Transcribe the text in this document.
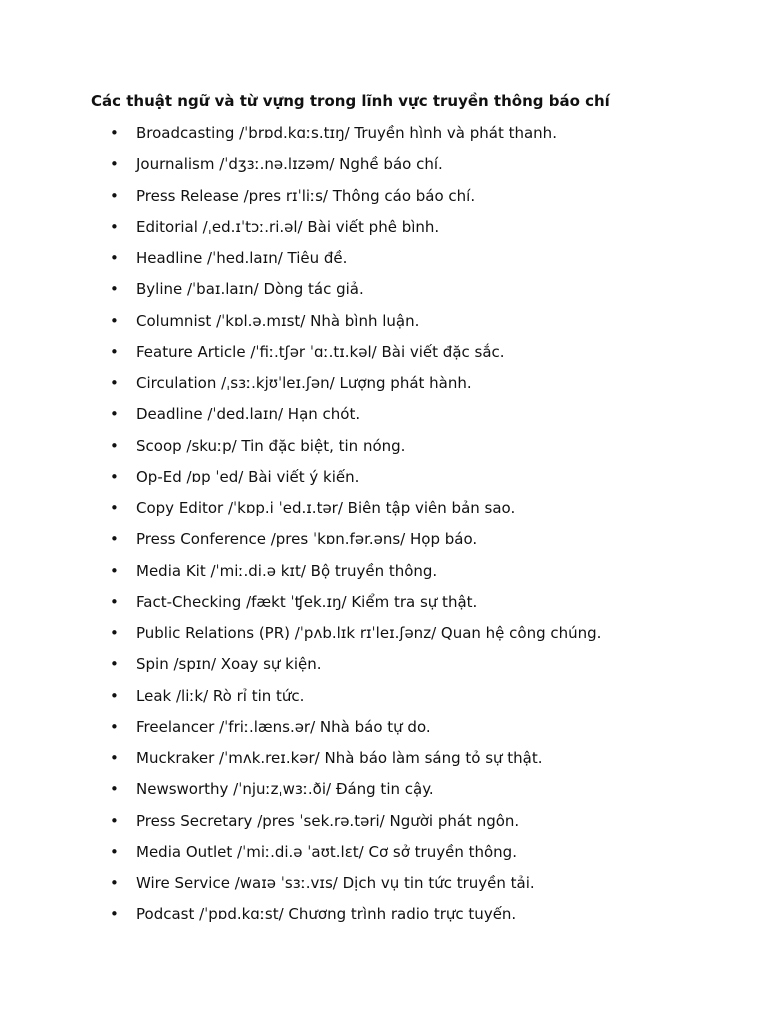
Các thuật ngữ và từ vựng trong lĩnh vực truyền thông báo chí
• Broadcasting /ˈbrɒd.kɑːs.tɪŋ/ Truyền hình và phát thanh.
• Journalism /ˈdʒɜː.nə.lɪzəm/ Nghề báo chí.
• Press Release /pres rɪˈliːs/ Thông cáo báo chí.
• Editorial /ˌed.ɪˈtɔː.ri.əl/ Bài viết phê bình.
• Headline /ˈhed.laɪn/ Tiêu đề.
• Byline /ˈbaɪ.laɪn/ Dòng tác giả.
• Columnist /ˈkɒl.ə.mɪst/ Nhà bình luận.
• Feature Article /ˈfiː.tʃər ˈɑː.tɪ.kəl/ Bài viết đặc sắc.
• Circulation /ˌsɜː.kjʊˈleɪ.ʃən/ Lượng phát hành.
• Deadline /ˈded.laɪn/ Hạn chót.
• Scoop /skuːp/ Tin đặc biệt, tin nóng.
• Op-Ed /ɒp ˈed/ Bài viết ý kiến.
• Copy Editor /ˈkɒp.i ˈed.ɪ.tər/ Biên tập viên bản sao.
• Press Conference /pres ˈkɒn.fər.əns/ Họp báo.
• Media Kit /ˈmiː.di.ə kɪt/ Bộ truyền thông.
• Fact-Checking /fækt ˈʧek.ɪŋ/ Kiểm tra sự thật.
• Public Relations (PR) /ˈpʌb.lɪk rɪˈleɪ.ʃənz/ Quan hệ công chúng.
• Spin /spɪn/ Xoay sự kiện.
• Leak /liːk/ Rò rỉ tin tức.
• Freelancer /ˈfriː.læns.ər/ Nhà báo tự do.
• Muckraker /ˈmʌk.reɪ.kər/ Nhà báo làm sáng tỏ sự thật.
• Newsworthy /ˈnjuːzˌwɜː.ði/ Đáng tin cậy.
• Press Secretary /pres ˈsek.rə.təri/ Người phát ngôn.
• Media Outlet /ˈmiː.di.ə ˈaʊt.lɛt/ Cơ sở truyền thông.
• Wire Service /waɪə ˈsɜː.vɪs/ Dịch vụ tin tức truyền tải.
• Podcast /ˈpɒd.kɑːst/ Chương trình radio trực tuyến.
